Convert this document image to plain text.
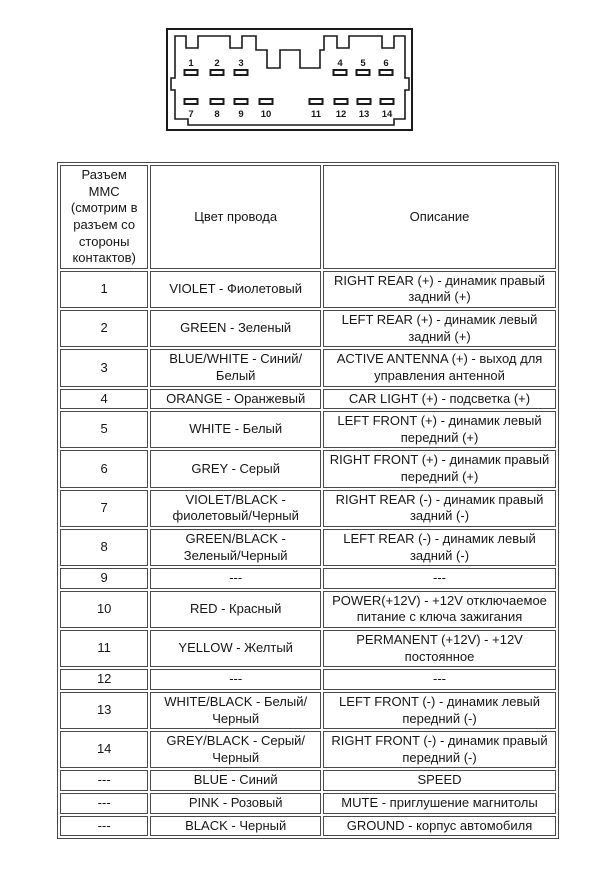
1 2 3	4 5 6
7 8 9 10	11 12 13 14
Разъем ММС (смотрим в разъем со стороны контактов)	Цвет провода	Описание
1	VIOLET - Фиолетовый	RIGHT REAR (+) - динамик правый задний (+)
2	GREEN - Зеленый	LEFT REAR (+) - динамик левый задний (+)
3	BLUE/WHITE - Синий/Белый	ACTIVE ANTENNA (+) - выход для управления антенной
4	ORANGE - Оранжевый	CAR LIGHT (+) - подсветка (+)
5	WHITE - Белый	LEFT FRONT (+) - динамик левый передний (+)
6	GREY - Серый	RIGHT FRONT (+) - динамик правый передний (+)
7	VIOLET/BLACK - фиолетовый/Черный	RIGHT REAR (-) - динамик правый задний (-)
8	GREEN/BLACK - Зеленый/Черный	LEFT REAR (-) - динамик левый задний (-)
9	---	---
10	RED - Красный	POWER(+12V) - +12V отключаемое питание с ключа зажигания
11	YELLOW - Желтый	PERMANENT (+12V) - +12V постоянное
12	---	---
13	WHITE/BLACK - Белый/Черный	LEFT FRONT (-) - динамик левый передний (-)
14	GREY/BLACK - Серый/Черный	RIGHT FRONT (-) - динамик правый передний (-)
---	BLUE - Синий	SPEED
---	PINK - Розовый	MUTE - приглушение магнитолы
---	BLACK - Черный	GROUND - корпус автомобиля
